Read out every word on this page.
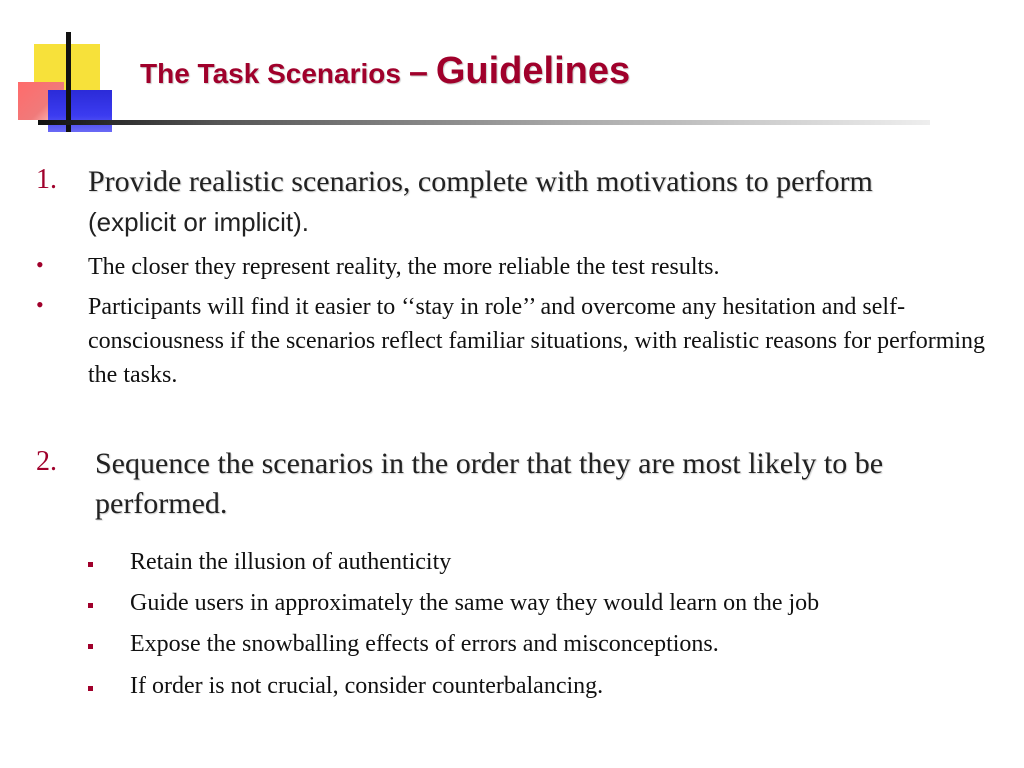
The Task Scenarios – Guidelines
1. Provide realistic scenarios, complete with motivations to perform
(explicit or implicit).
• The closer they represent reality, the more reliable the test results.
• Participants will find it easier to ‘‘stay in role’’ and overcome any hesitation and self-consciousness if the scenarios reflect familiar situations, with realistic reasons for performing the tasks.
2. Sequence the scenarios in the order that they are most likely to be performed.
Retain the illusion of authenticity
Guide users in approximately the same way they would learn on the job
Expose the snowballing effects of errors and misconceptions.
If order is not crucial, consider counterbalancing.
